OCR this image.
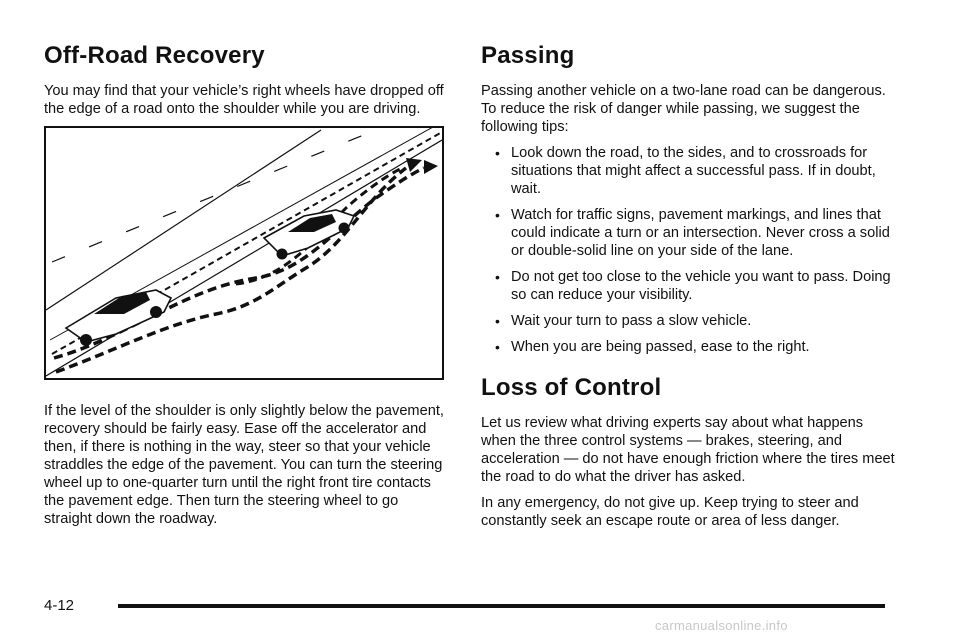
Off-Road Recovery

You may find that your vehicle’s right wheels have dropped off the edge of a road onto the shoulder while you are driving.

If the level of the shoulder is only slightly below the pavement, recovery should be fairly easy. Ease off the accelerator and then, if there is nothing in the way, steer so that your vehicle straddles the edge of the pavement. You can turn the steering wheel up to one-quarter turn until the right front tire contacts the pavement edge. Then turn the steering wheel to go straight down the roadway.

Passing

Passing another vehicle on a two-lane road can be dangerous. To reduce the risk of danger while passing, we suggest the following tips:

• Look down the road, to the sides, and to crossroads for situations that might affect a successful pass. If in doubt, wait.
• Watch for traffic signs, pavement markings, and lines that could indicate a turn or an intersection. Never cross a solid or double-solid line on your side of the lane.
• Do not get too close to the vehicle you want to pass. Doing so can reduce your visibility.
• Wait your turn to pass a slow vehicle.
• When you are being passed, ease to the right.
Loss of Control

Let us review what driving experts say about what happens when the three control systems — brakes, steering, and acceleration — do not have enough friction where the tires meet the road to do what the driver has asked.

In any emergency, do not give up. Keep trying to steer and constantly seek an escape route or area of less danger.

4-12
carmanualsonline.info
